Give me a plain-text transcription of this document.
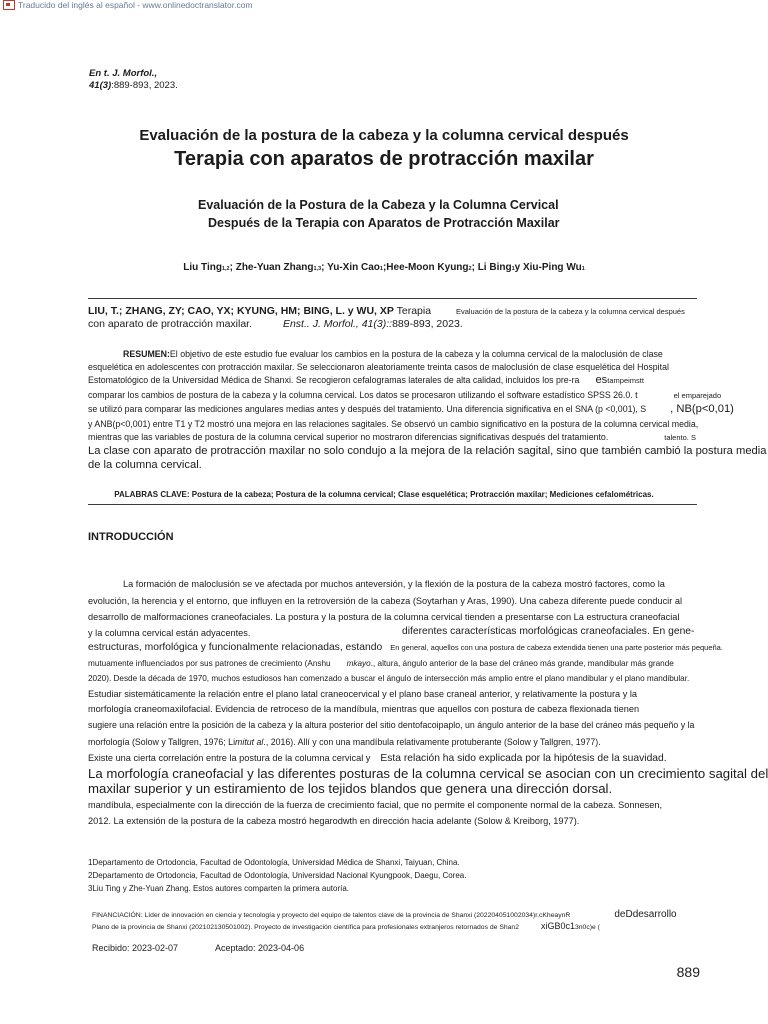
Traducido del inglés al español - www.onlinedoctranslator.com
En t. J. Morfol.,
41(3):889-893, 2023.
Evaluación de la postura de la cabeza y la columna cervical después
Terapia con aparatos de protracción maxilar
Evaluación de la Postura de la Cabeza y la Columna Cervical
Después de la Terapia con Aparatos de Protracción Maxilar
Liu Ting1,2; Zhe-Yuan Zhang1,3; Yu-Xin Cao1;Hee-Moon Kyung2; Li Bing1y Xiu-Ping Wu1
LIU, T.; ZHANG, ZY; CAO, YX; KYUNG, HM; BING, L. y WU, XP Terapia	Evaluación de la postura de la cabeza y la columna cervical después
con aparato de protracción maxilar.	Enst.. J. Morfol., 41(3)::889-893, 2023.
RESUMEN:El objetivo de este estudio fue evaluar los cambios en la postura de la cabeza y la columna cervical de la maloclusión de clase
esquelética en adolescentes con protracción maxilar. Se seleccionaron aleatoriamente treinta casos de maloclusión de clase esquelética del Hospital
Estomatológico de la Universidad Médica de Shanxi. Se recogieron cefalogramas laterales de alta calidad, incluidos los pre-ra estampeimstt
comparar los cambios de postura de la cabeza y la columna cervical. Los datos se procesaron utilizando el software estadístico SPSS 26.0. t	el emparejado
se utilizó para comparar las mediciones angulares medias antes y después del tratamiento. Una diferencia significativa en el SNA (p <0,001), S , NB(p<0,01)
y ANB(p<0,001) entre T1 y T2 mostró una mejora en las relaciones sagitales. Se observó un cambio significativo en la postura de la columna cervical media,
mientras que las variables de postura de la columna cervical superior no mostraron diferencias significativas después del tratamiento.	talento. S
La clase con aparato de protracción maxilar no solo condujo a la mejora de la relación sagital, sino que también cambió la postura media
de la columna cervical.
PALABRAS CLAVE: Postura de la cabeza; Postura de la columna cervical; Clase esquelética; Protracción maxilar; Mediciones cefalométricas.
INTRODUCCIÓN
La formación de maloclusión se ve afectada por muchos anteversión, y la flexión de la postura de la cabeza mostró factores, como la
evolución, la herencia y el entorno, que influyen en la retroversión de la cabeza (Soytarhan y Aras, 1990). Una cabeza diferente puede conducir al
desarrollo de malformaciones craneofaciales. La postura y la postura de la columna cervical tienden a presentarse con La estructura craneofacial
y la columna cervical están adyacentes.	diferentes características morfológicas craneofaciales. En gene-
estructuras, morfológica y funcionalmente relacionadas, estando En general, aquellos con una postura de cabeza extendida tienen una parte posterior más pequeña.
mutuamente influenciados por sus patrones de crecimiento (Anshu mkayo., altura, ángulo anterior de la base del cráneo más grande, mandibular más grande
2020). Desde la década de 1970, muchos estudiosos han comenzado a buscar el ángulo de intersección más amplio entre el plano mandibular y el plano mandibular.
Estudiar sistemáticamente la relación entre el plano latal craneocervical y el plano base craneal anterior, y relativamente la postura y la
morfología craneomaxilofacial. Evidencia de retroceso de la mandíbula, mientras que aquellos con postura de cabeza flexionada tienen
sugiere una relación entre la posición de la cabeza y la altura posterior del sitio dentofacoipaplo, un ángulo anterior de la base del cráneo más pequeño y la
morfología (Solow y Tallgren, 1976; Limitut al., 2016). Allí y con una mandíbula relativamente protuberante (Solow y Tallgren, 1977).
Existe una cierta correlación entre la postura de la columna cervical y Esta relación ha sido explicada por la hipótesis de la suavidad.
La morfología craneofacial y las diferentes posturas de la columna cervical se asocian con un crecimiento sagital del
maxilar superior y un estiramiento de los tejidos blandos que genera una dirección dorsal.
mandíbula, especialmente con la dirección de la fuerza de crecimiento facial, que no permite el componente normal de la cabeza. Sonnesen,
2012. La extensión de la postura de la cabeza mostró hegarodwth en dirección hacia adelante (Solow & Kreiborg, 1977).
1Departamento de Ortodoncia, Facultad de Odontología, Universidad Médica de Shanxi, Taiyuan, China.
2Departamento de Ortodoncia, Facultad de Odontología, Universidad Nacional Kyungpook, Daegu, Corea.
3Liu Ting y Zhe-Yuan Zhang. Estos autores comparten la primera autoría.
FINANCIACIÓN: Líder de innovación en ciencia y tecnología y proyecto del equipo de talentos clave de la provincia de Shanxi (202204051002034)r.cKheaynR	deDdesarrollo
Plano de la provincia de Shanxi (202102130501002). Proyecto de investigación científica para profesionales extranjeros retornados de Shan2 xiGB0c13n0c)e (
Recibido: 2023-02-07	Aceptado: 2023-04-06
889
